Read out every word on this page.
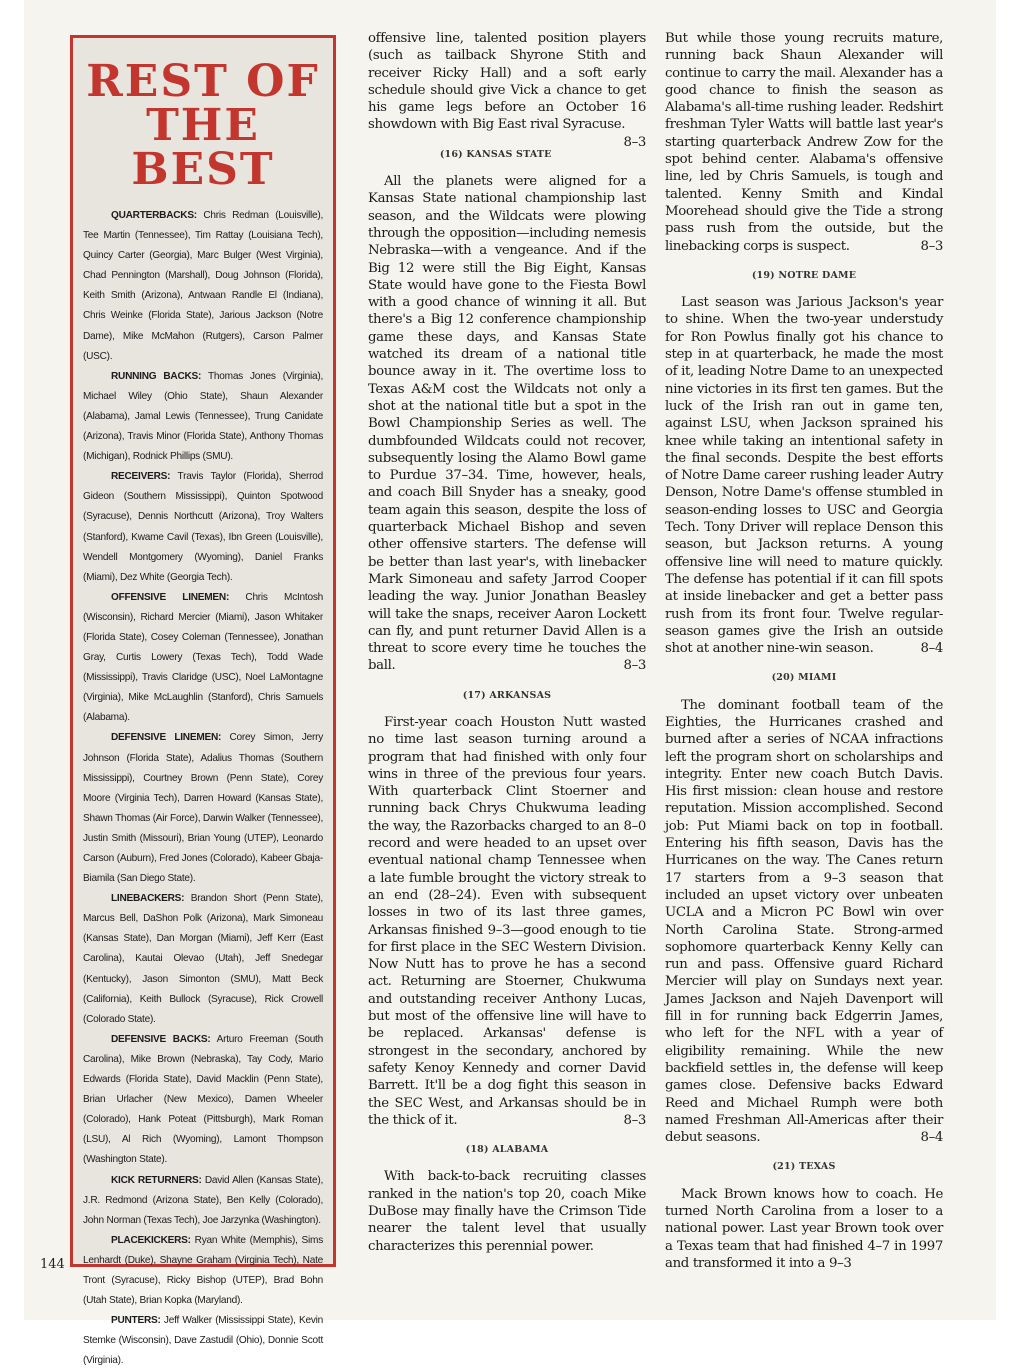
REST OF
THE BEST

QUARTERBACKS: Chris Redman (Louisville), Tee Martin (Tennessee), Tim Rattay (Louisiana Tech), Quincy Carter (Georgia), Marc Bulger (West Virginia), Chad Pennington (Marshall), Doug Johnson (Florida), Keith Smith (Arizona), Antwaan Randle El (Indiana), Chris Weinke (Florida State), Jarious Jackson (Notre Dame), Mike McMahon (Rutgers), Carson Palmer (USC).

RUNNING BACKS: Thomas Jones (Virginia), Michael Wiley (Ohio State), Shaun Alexander (Alabama), Jamal Lewis (Tennessee), Trung Canidate (Arizona), Travis Minor (Florida State), Anthony Thomas (Michigan), Rodnick Phillips (SMU).

RECEIVERS: Travis Taylor (Florida), Sherrod Gideon (Southern Mississippi), Quinton Spotwood (Syracuse), Dennis Northcutt (Arizona), Troy Walters (Stanford), Kwame Cavil (Texas), Ibn Green (Louisville), Wendell Montgomery (Wyoming), Daniel Franks (Miami), Dez White (Georgia Tech).

OFFENSIVE LINEMEN: Chris McIntosh (Wisconsin), Richard Mercier (Miami), Jason Whitaker (Florida State), Cosey Coleman (Tennessee), Jonathan Gray, Curtis Lowery (Texas Tech), Todd Wade (Mississippi), Travis Claridge (USC), Noel LaMontagne (Virginia), Mike McLaughlin (Stanford), Chris Samuels (Alabama).

DEFENSIVE LINEMEN: Corey Simon, Jerry Johnson (Florida State), Adalius Thomas (Southern Mississippi), Courtney Brown (Penn State), Corey Moore (Virginia Tech), Darren Howard (Kansas State), Shawn Thomas (Air Force), Darwin Walker (Tennessee), Justin Smith (Missouri), Brian Young (UTEP), Leonardo Carson (Auburn), Fred Jones (Colorado), Kabeer Gbaja-Biamila (San Diego State).

LINEBACKERS: Brandon Short (Penn State), Marcus Bell, DaShon Polk (Arizona), Mark Simoneau (Kansas State), Dan Morgan (Miami), Jeff Kerr (East Carolina), Kautai Olevao (Utah), Jeff Snedegar (Kentucky), Jason Simonton (SMU), Matt Beck (California), Keith Bullock (Syracuse), Rick Crowell (Colorado State).

DEFENSIVE BACKS: Arturo Freeman (South Carolina), Mike Brown (Nebraska), Tay Cody, Mario Edwards (Florida State), David Macklin (Penn State), Brian Urlacher (New Mexico), Damen Wheeler (Colorado), Hank Poteat (Pittsburgh), Mark Roman (LSU), Al Rich (Wyoming), Lamont Thompson (Washington State).

KICK RETURNERS: David Allen (Kansas State), J.R. Redmond (Arizona State), Ben Kelly (Colorado), John Norman (Texas Tech), Joe Jarzynka (Washington).

PLACEKICKERS: Ryan White (Memphis), Sims Lenhardt (Duke), Shayne Graham (Virginia Tech), Nate Tront (Syracuse), Ricky Bishop (UTEP), Brad Bohn (Utah State), Brian Kopka (Maryland).

PUNTERS: Jeff Walker (Mississippi State), Kevin Stemke (Wisconsin), Dave Zastudil (Ohio), Donnie Scott (Virginia).

144

offensive line, talented position players (such as tailback Shyrone Stith and receiver Ricky Hall) and a soft early schedule should give Vick a chance to get his game legs before an October 16 showdown with Big East rival Syracuse.
8–3

(16) KANSAS STATE

All the planets were aligned for a Kansas State national championship last season, and the Wildcats were plowing through the opposition—including nemesis Nebraska—with a vengeance. And if the Big 12 were still the Big Eight, Kansas State would have gone to the Fiesta Bowl with a good chance of winning it all. But there's a Big 12 conference championship game these days, and Kansas State watched its dream of a national title bounce away in it. The overtime loss to Texas A&M cost the Wildcats not only a shot at the national title but a spot in the Bowl Championship Series as well. The dumbfounded Wildcats could not recover, subsequently losing the Alamo Bowl game to Purdue 37–34. Time, however, heals, and coach Bill Snyder has a sneaky, good team again this season, despite the loss of quarterback Michael Bishop and seven other offensive starters. The defense will be better than last year's, with linebacker Mark Simoneau and safety Jarrod Cooper leading the way. Junior Jonathan Beasley will take the snaps, receiver Aaron Lockett can fly, and punt returner David Allen is a threat to score every time he touches the ball.	8–3

(17) ARKANSAS

First-year coach Houston Nutt wasted no time last season turning around a program that had finished with only four wins in three of the previous four years. With quarterback Clint Stoerner and running back Chrys Chukwuma leading the way, the Razorbacks charged to an 8–0 record and were headed to an upset over eventual national champ Tennessee when a late fumble brought the victory streak to an end (28–24). Even with subsequent losses in two of its last three games, Arkansas finished 9–3—good enough to tie for first place in the SEC Western Division. Now Nutt has to prove he has a second act. Returning are Stoerner, Chukwuma and outstanding receiver Anthony Lucas, but most of the offensive line will have to be replaced. Arkansas' defense is strongest in the secondary, anchored by safety Kenoy Kennedy and corner David Barrett. It'll be a dog fight this season in the SEC West, and Arkansas should be in the thick of it.	8–3

(18) ALABAMA

With back-to-back recruiting classes ranked in the nation's top 20, coach Mike DuBose may finally have the Crimson Tide nearer the talent level that usually characterizes this perennial power.

But while those young recruits mature, running back Shaun Alexander will continue to carry the mail. Alexander has a good chance to finish the season as Alabama's all-time rushing leader. Redshirt freshman Tyler Watts will battle last year's starting quarterback Andrew Zow for the spot behind center. Alabama's offensive line, led by Chris Samuels, is tough and talented. Kenny Smith and Kindal Moorehead should give the Tide a strong pass rush from the outside, but the linebacking corps is suspect.	8–3

(19) NOTRE DAME

Last season was Jarious Jackson's year to shine. When the two-year understudy for Ron Powlus finally got his chance to step in at quarterback, he made the most of it, leading Notre Dame to an unexpected nine victories in its first ten games. But the luck of the Irish ran out in game ten, against LSU, when Jackson sprained his knee while taking an intentional safety in the final seconds. Despite the best efforts of Notre Dame career rushing leader Autry Denson, Notre Dame's offense stumbled in season-ending losses to USC and Georgia Tech. Tony Driver will replace Denson this season, but Jackson returns. A young offensive line will need to mature quickly. The defense has potential if it can fill spots at inside linebacker and get a better pass rush from its front four. Twelve regular-season games give the Irish an outside shot at another nine-win season.	8–4

(20) MIAMI

The dominant football team of the Eighties, the Hurricanes crashed and burned after a series of NCAA infractions left the program short on scholarships and integrity. Enter new coach Butch Davis. His first mission: clean house and restore reputation. Mission accomplished. Second job: Put Miami back on top in football. Entering his fifth season, Davis has the Hurricanes on the way. The Canes return 17 starters from a 9–3 season that included an upset victory over unbeaten UCLA and a Micron PC Bowl win over North Carolina State. Strong-armed sophomore quarterback Kenny Kelly can run and pass. Offensive guard Richard Mercier will play on Sundays next year. James Jackson and Najeh Davenport will fill in for running back Edgerrin James, who left for the NFL with a year of eligibility remaining. While the new backfield settles in, the defense will keep games close. Defensive backs Edward Reed and Michael Rumph were both named Freshman All-Americas after their debut seasons.	8–4

(21) TEXAS

Mack Brown knows how to coach. He turned North Carolina from a loser to a national power. Last year Brown took over a Texas team that had finished 4–7 in 1997 and transformed it into a 9–3
